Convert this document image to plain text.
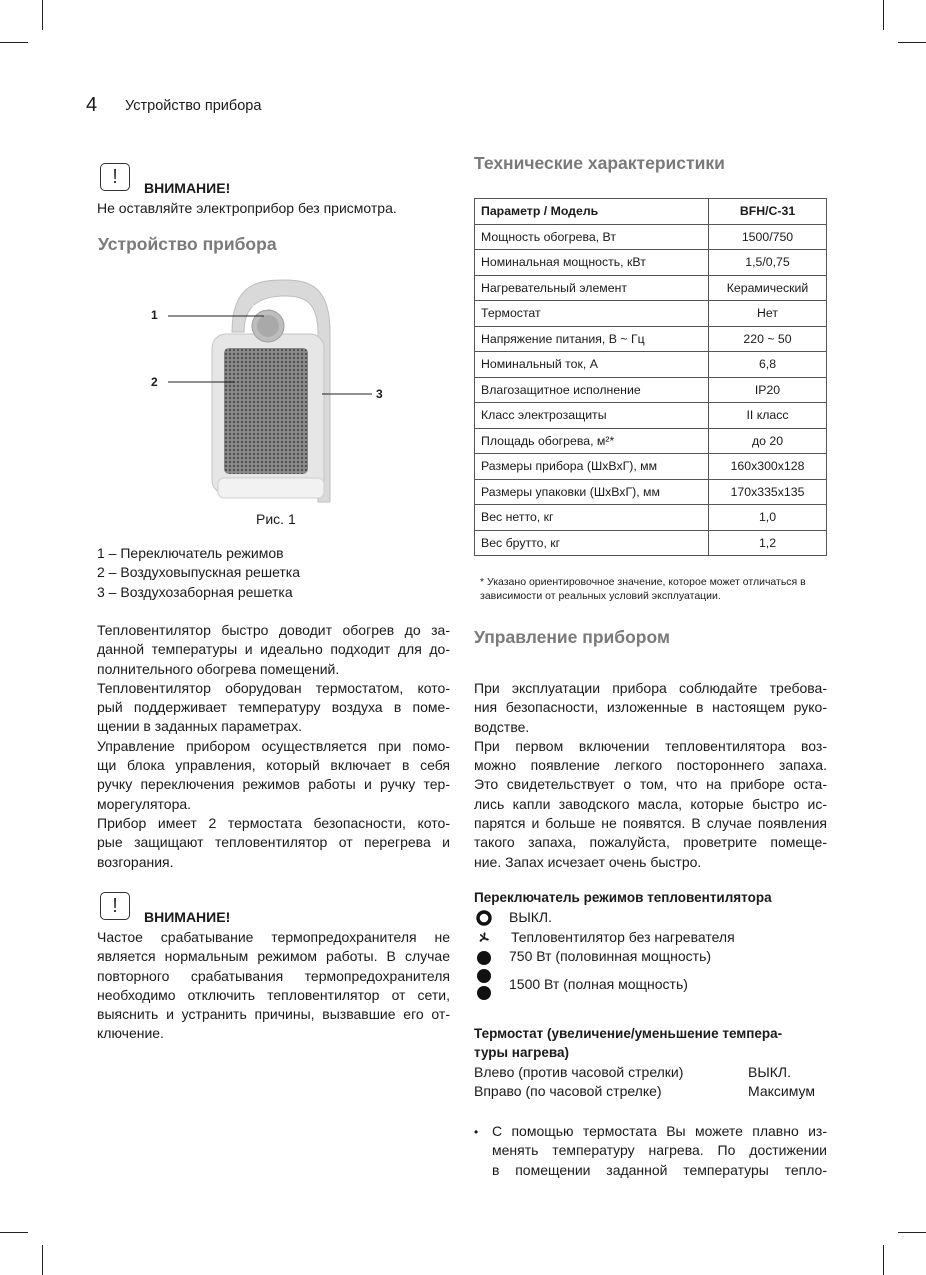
4 Устройство прибора
!	ВНИМАНИЕ!
Не оставляйте электроприбор без присмотра.
Устройство прибора
Ballu
1
2
3
Рис. 1
1 – Переключатель режимов
2 – Воздуховыпускная решетка
3 – Воздухозаборная решетка
Тепловентилятор быстро доводит обогрев до за-
данной температуры и идеально подходит для до-
полнительного обогрева помещений.
Тепловентилятор оборудован термостатом, кото-
рый поддерживает температуру воздуха в поме-
щении в заданных параметрах.
Управление прибором осуществляется при помо-
щи блока управления, который включает в себя
ручку переключения режимов работы и ручку тер-
морегулятора.
Прибор имеет 2 термостата безопасности, кото-
рые защищают тепловентилятор от перегрева и
возгорания.
!	ВНИМАНИЕ!
Частое срабатывание термопредохранителя не
является нормальным режимом работы. В случае
повторного срабатывания термопредохранителя
необходимо отключить тепловентилятор от сети,
выяснить и устранить причины, вызвавшие его от-
ключение.
Технические характеристики
Параметр / Модель	BFH/C-31
Мощность обогрева, Вт	1500/750
Номинальная мощность, кВт	1,5/0,75
Нагревательный элемент	Керамический
Термостат	Нет
Напряжение питания, В ~ Гц	220 ~ 50
Номинальный ток, А	6,8
Влагозащитное исполнение	IP20
Класс электрозащиты	II класс
Площадь обогрева, м²*	до 20
Размеры прибора (ШхВхГ), мм	160х300х128
Размеры упаковки (ШхВхГ), мм	170х335х135
Вес нетто, кг	1,0
Вес брутто, кг	1,2
* Указано ориентировочное значение, которое может отличаться в
зависимости от реальных условий эксплуатации.
Управление прибором
При эксплуатации прибора соблюдайте требова-
ния безопасности, изложенные в настоящем руко-
водстве.
При первом включении тепловентилятора воз-
можно появление легкого постороннего запаха.
Это свидетельствует о том, что на приборе оста-
лись капли заводского масла, которые быстро ис-
парятся и больше не появятся. В случае появления
такого запаха, пожалуйста, проветрите помеще-
ние. Запах исчезает очень быстро.
Переключатель режимов тепловентилятора
ВЫКЛ.
Тепловентилятор без нагревателя
750 Вт (половинная мощность)
1500 Вт (полная мощность)
Термостат (увеличение/уменьшение темпера-
туры нагрева)
Влево (против часовой стрелки)	ВЫКЛ.
Вправо (по часовой стрелке)	Максимум
• С помощью термостата Вы можете плавно из-
менять температуру нагрева. По достижении
в помещении заданной температуры тепло-
